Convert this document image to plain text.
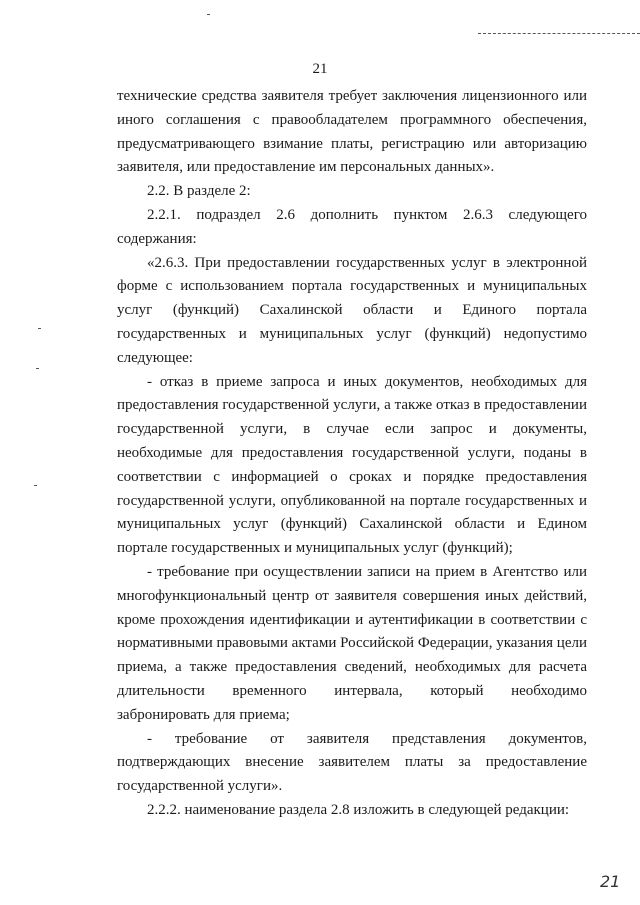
21

технические средства заявителя требует заключения лицензионного или иного соглашения с правообладателем программного обеспечения, предусматривающего взимание платы, регистрацию или авторизацию заявителя, или предоставление им персональных данных».

2.2. В разделе 2:

2.2.1. подраздел 2.6 дополнить пунктом 2.6.3 следующего содержания:

«2.6.3. При предоставлении государственных услуг в электронной форме с использованием портала государственных и муниципальных услуг (функций) Сахалинской области и Единого портала государственных и муниципальных услуг (функций) недопустимо следующее:

- отказ в приеме запроса и иных документов, необходимых для предоставления государственной услуги, а также отказ в предоставлении государственной услуги, в случае если запрос и документы, необходимые для предоставления государственной услуги, поданы в соответствии с информацией о сроках и порядке предоставления государственной услуги, опубликованной на портале государственных и муниципальных услуг (функций) Сахалинской области и Едином портале государственных и муниципальных услуг (функций);

- требование при осуществлении записи на прием в Агентство или многофункциональный центр от заявителя совершения иных действий, кроме прохождения идентификации и аутентификации в соответствии с нормативными правовыми актами Российской Федерации, указания цели приема, а также предоставления сведений, необходимых для расчета длительности временного интервала, который необходимо забронировать для приема;

- требование от заявителя представления документов, подтверждающих внесение заявителем платы за предоставление государственной услуги».

2.2.2. наименование раздела 2.8 изложить в следующей редакции:

21
